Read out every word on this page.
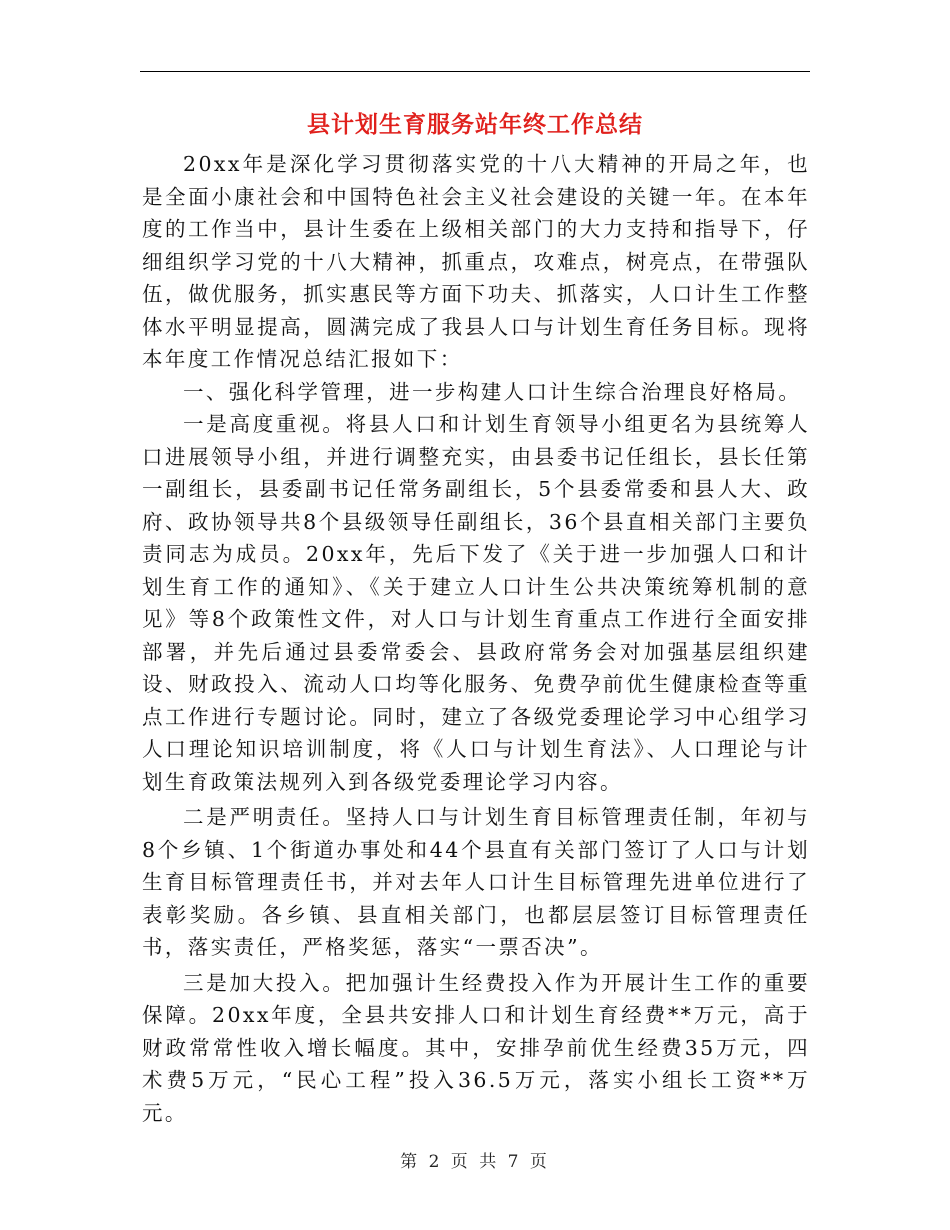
县计划生育服务站年终工作总结

20xx年是深化学习贯彻落实党的十八大精神的开局之年，也是全面小康社会和中国特色社会主义社会建设的关键一年。在本年度的工作当中，县计生委在上级相关部门的大力支持和指导下，仔细组织学习党的十八大精神，抓重点，攻难点，树亮点，在带强队伍，做优服务，抓实惠民等方面下功夫、抓落实，人口计生工作整体水平明显提高，圆满完成了我县人口与计划生育任务目标。现将本年度工作情况总结汇报如下：

一、强化科学管理，进一步构建人口计生综合治理良好格局。

一是高度重视。将县人口和计划生育领导小组更名为县统筹人口进展领导小组，并进行调整充实，由县委书记任组长，县长任第一副组长，县委副书记任常务副组长，5个县委常委和县人大、政府、政协领导共8个县级领导任副组长，36个县直相关部门主要负责同志为成员。20xx年，先后下发了《关于进一步加强人口和计划生育工作的通知》、《关于建立人口计生公共决策统筹机制的意见》等8个政策性文件，对人口与计划生育重点工作进行全面安排部署，并先后通过县委常委会、县政府常务会对加强基层组织建设、财政投入、流动人口均等化服务、免费孕前优生健康检查等重点工作进行专题讨论。同时，建立了各级党委理论学习中心组学习人口理论知识培训制度，将《人口与计划生育法》、人口理论与计划生育政策法规列入到各级党委理论学习内容。

二是严明责任。坚持人口与计划生育目标管理责任制，年初与8个乡镇、1个街道办事处和44个县直有关部门签订了人口与计划生育目标管理责任书，并对去年人口计生目标管理先进单位进行了表彰奖励。各乡镇、县直相关部门，也都层层签订目标管理责任书，落实责任，严格奖惩，落实“一票否决”。

三是加大投入。把加强计生经费投入作为开展计生工作的重要保障。20xx年度，全县共安排人口和计划生育经费**万元，高于财政常常性收入增长幅度。其中，安排孕前优生经费35万元，四术费5万元，“民心工程”投入36.5万元，落实小组长工资**万元。

第 2 页 共 7 页
